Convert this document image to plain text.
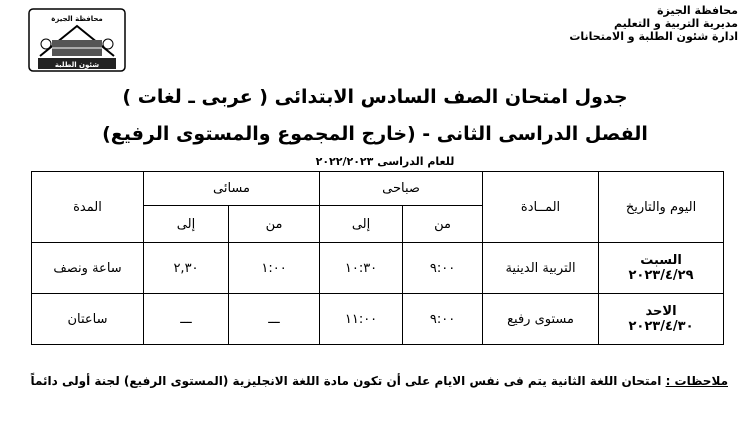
محافظة الجيزة
مديرية التربية و التعليم
ادارة شئون الطلبة و الامتحانات
محافظة الجيزة
شئون الطلبة
جدول امتحان الصف السادس الابتدائى ( عربى ـ لغات )
الفصل الدراسى الثانى - (خارج المجموع والمستوى الرفيع)
للعام الدراسى ٢٠٢٢/٢٠٢٣
اليوم والتاريخ	المــادة	صباحى		مسائى		المدة
		من	إلى	من	إلى	

السبت
٢٠٢٣/٤/٢٩	التربية الدينية	٩:٠٠	١٠:٣٠	١:٠٠	٢,٣٠	ساعة ونصف

الاحد
٢٠٢٣/٤/٣٠	مستوى رفيع	٩:٠٠	١١:٠٠	ـــ	ـــ	ساعتان
ملاحظات : امتحان اللغة الثانية يتم فى نفس الايام على أن تكون مادة اللغة الانجليزية (المستوى الرفيع) لجنة أولى دائماً
